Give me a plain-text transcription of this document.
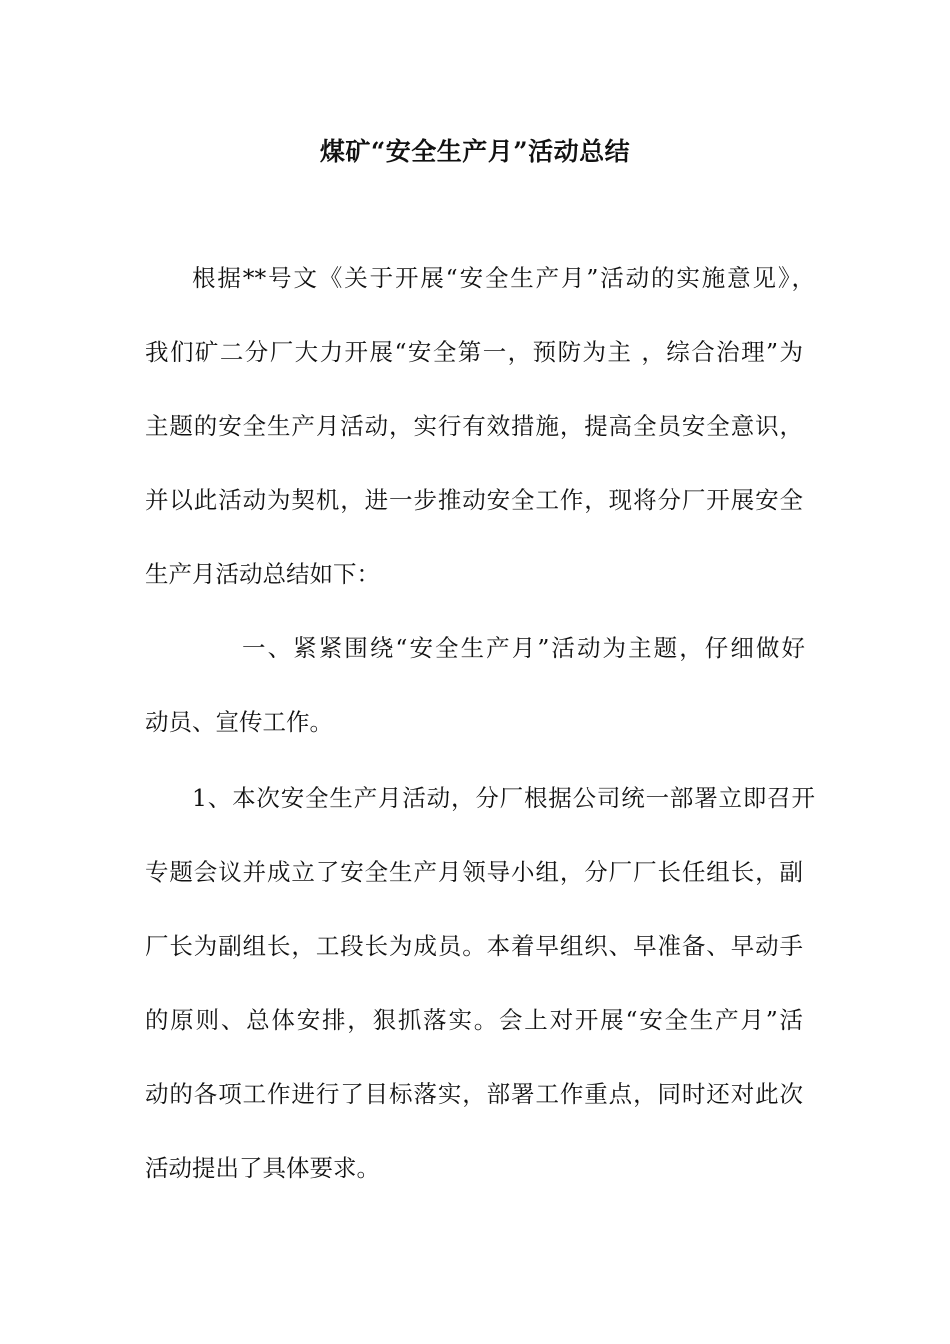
煤矿“安全生产月”活动总结
根据**号文《关于开展“安全生产月”活动的实施意见》，
我们矿二分厂大力开展“安全第一，预防为主 ，综合治理”为
主题的安全生产月活动，实行有效措施，提高全员安全意识，
并以此活动为契机，进一步推动安全工作，现将分厂开展安全
生产月活动总结如下：
一、紧紧围绕“安全生产月”活动为主题，仔细做好
动员、宣传工作。
1、本次安全生产月活动，分厂根据公司统一部署立即召开
专题会议并成立了安全生产月领导小组，分厂厂长任组长，副
厂长为副组长，工段长为成员。本着早组织、早准备、早动手
的原则、总体安排，狠抓落实。会上对开展“安全生产月”活
动的各项工作进行了目标落实，部署工作重点，同时还对此次
活动提出了具体要求。
